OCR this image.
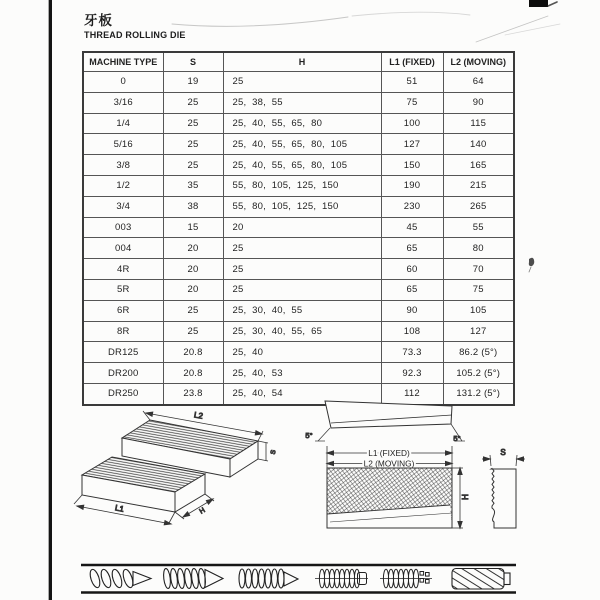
牙板
THREAD ROLLING DIE
MACHINE TYPE	S	H	L1 (FIXED)	L2 (MOVING)
0	19	25	51	64
3/16	25	25, 38, 55	75	90
1/4	25	25, 40, 55, 65, 80	100	115
5/16	25	25, 40, 55, 65, 80, 105	127	140
3/8	25	25, 40, 55, 65, 80, 105	150	165
1/2	35	55, 80, 105, 125, 150	190	215
3/4	38	55, 80, 105, 125, 150	230	265
003	15	20	45	55
004	20	25	65	80
4R	20	25	60	70
5R	20	25	65	75
6R	25	25, 30, 40, 55	90	105
8R	25	25, 30, 40, 55, 65	108	127
DR125	20.8	25, 40	73.3	86.2 (5°)
DR200	20.8	25, 40, 53	92.3	105.2 (5°)
DR250	23.8	25, 40, 54	112	131.2 (5°)
L2
S
L1	H
5°	5°
L1 (FIXED)
L2 (MOVING)
H
S
